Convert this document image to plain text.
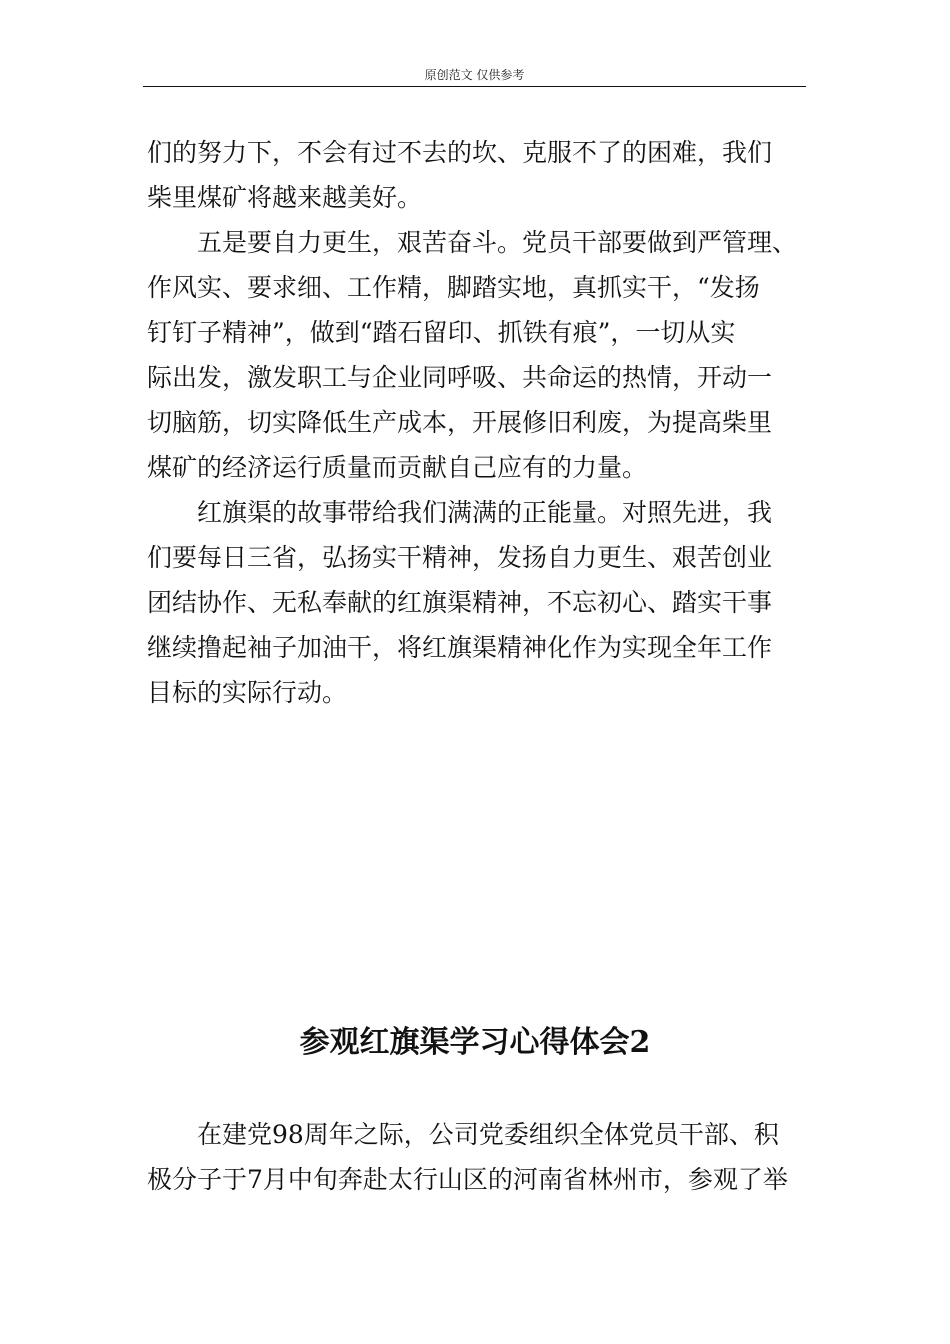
原创范文 仅供参考
们的努力下，不会有过不去的坎、克服不了的困难，我们
柴里煤矿将越来越美好。
　　五是要自力更生，艰苦奋斗。党员干部要做到严管理、
作风实、要求细、工作精，脚踏实地，真抓实干，“发扬
钉钉子精神”，做到“踏石留印、抓铁有痕”，一切从实
际出发，激发职工与企业同呼吸、共命运的热情，开动一
切脑筋，切实降低生产成本，开展修旧利废，为提高柴里
煤矿的经济运行质量而贡献自己应有的力量。
　　红旗渠的故事带给我们满满的正能量。对照先进，我
们要每日三省，弘扬实干精神，发扬自力更生、艰苦创业
团结协作、无私奉献的红旗渠精神，不忘初心、踏实干事
继续撸起袖子加油干，将红旗渠精神化作为实现全年工作
目标的实际行动。
参观红旗渠学习心得体会2
　　在建党98周年之际，公司党委组织全体党员干部、积
极分子于7月中旬奔赴太行山区的河南省林州市，参观了举
